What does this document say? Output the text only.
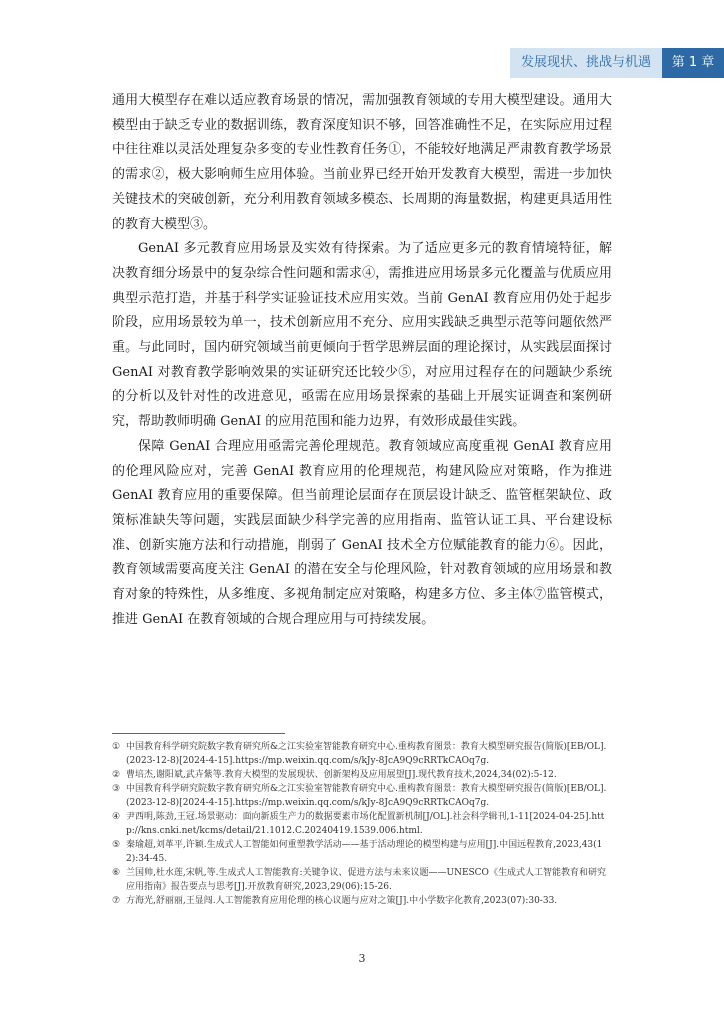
发展现状、挑战与机遇	第 1 章

通用大模型存在难以适应教育场景的情况，需加强教育领域的专用大模型建设。通用大模型由于缺乏专业的数据训练，教育深度知识不够，回答准确性不足，在实际应用过程中往往难以灵活处理复杂多变的专业性教育任务①，不能较好地满足严肃教育教学场景的需求②，极大影响师生应用体验。当前业界已经开始开发教育大模型，需进一步加快关键技术的突破创新，充分利用教育领域多模态、长周期的海量数据，构建更具适用性的教育大模型③。

GenAI 多元教育应用场景及实效有待探索。为了适应更多元的教育情境特征，解决教育细分场景中的复杂综合性问题和需求④，需推进应用场景多元化覆盖与优质应用典型示范打造，并基于科学实证验证技术应用实效。当前 GenAI 教育应用仍处于起步阶段，应用场景较为单一，技术创新应用不充分、应用实践缺乏典型示范等问题依然严重。与此同时，国内研究领域当前更倾向于哲学思辨层面的理论探讨，从实践层面探讨 GenAI 对教育教学影响效果的实证研究还比较少⑤，对应用过程存在的问题缺少系统的分析以及针对性的改进意见，亟需在应用场景探索的基础上开展实证调查和案例研究，帮助教师明确 GenAI 的应用范围和能力边界，有效形成最佳实践。

保障 GenAI 合理应用亟需完善伦理规范。教育领域应高度重视 GenAI 教育应用的伦理风险应对，完善 GenAI 教育应用的伦理规范，构建风险应对策略，作为推进 GenAI 教育应用的重要保障。但当前理论层面存在顶层设计缺乏、监管框架缺位、政策标准缺失等问题，实践层面缺少科学完善的应用指南、监管认证工具、平台建设标准、创新实施方法和行动措施，削弱了 GenAI 技术全方位赋能教育的能力⑥。因此，教育领域需要高度关注 GenAI 的潜在安全与伦理风险，针对教育领域的应用场景和教育对象的特殊性，从多维度、多视角制定应对策略，构建多方位、多主体⑦监管模式，推进 GenAI 在教育领域的合规合理应用与可持续发展。

① 中国教育科学研究院数字教育研究所&之江实验室智能教育研究中心.重构教育图景：教育大模型研究报告(简版)[EB/OL].(2023-12-8)[2024-4-15].https://mp.weixin.qq.com/s/kJy-8JcA9Q9cRRTkCAOq7g.
② 曹培杰,谢阳斌,武卉紫等.教育大模型的发展现状、创新架构及应用展望[J].现代教育技术,2024,34(02):5-12.
③ 中国教育科学研究院数字教育研究所&之江实验室智能教育研究中心.重构教育图景：教育大模型研究报告(简版)[EB/OL].(2023-12-8)[2024-4-15].https://mp.weixin.qq.com/s/kJy-8JcA9Q9cRRTkCAOq7g.
④ 尹西明,陈劲,王冠.场景驱动：面向新质生产力的数据要素市场化配置新机制[J/OL].社会科学辑刊,1-11[2024-04-25].http://kns.cnki.net/kcms/detail/21.1012.C.20240419.1539.006.html.
⑤ 秦瑜超,刘革平,许颖.生成式人工智能如何重塑教学活动——基于活动理论的模型构建与应用[J].中国远程教育,2023,43(12):34-45.
⑥ 兰国帅,杜水莲,宋帆,等.生成式人工智能教育:关键争议、促进方法与未来议题——UNESCO《生成式人工智能教育和研究应用指南》报告要点与思考[J].开放教育研究,2023,29(06):15-26.
⑦ 方海光,舒丽丽,王显闯.人工智能教育应用伦理的核心议题与应对之策[J].中小学数字化教育,2023(07):30-33.
3
